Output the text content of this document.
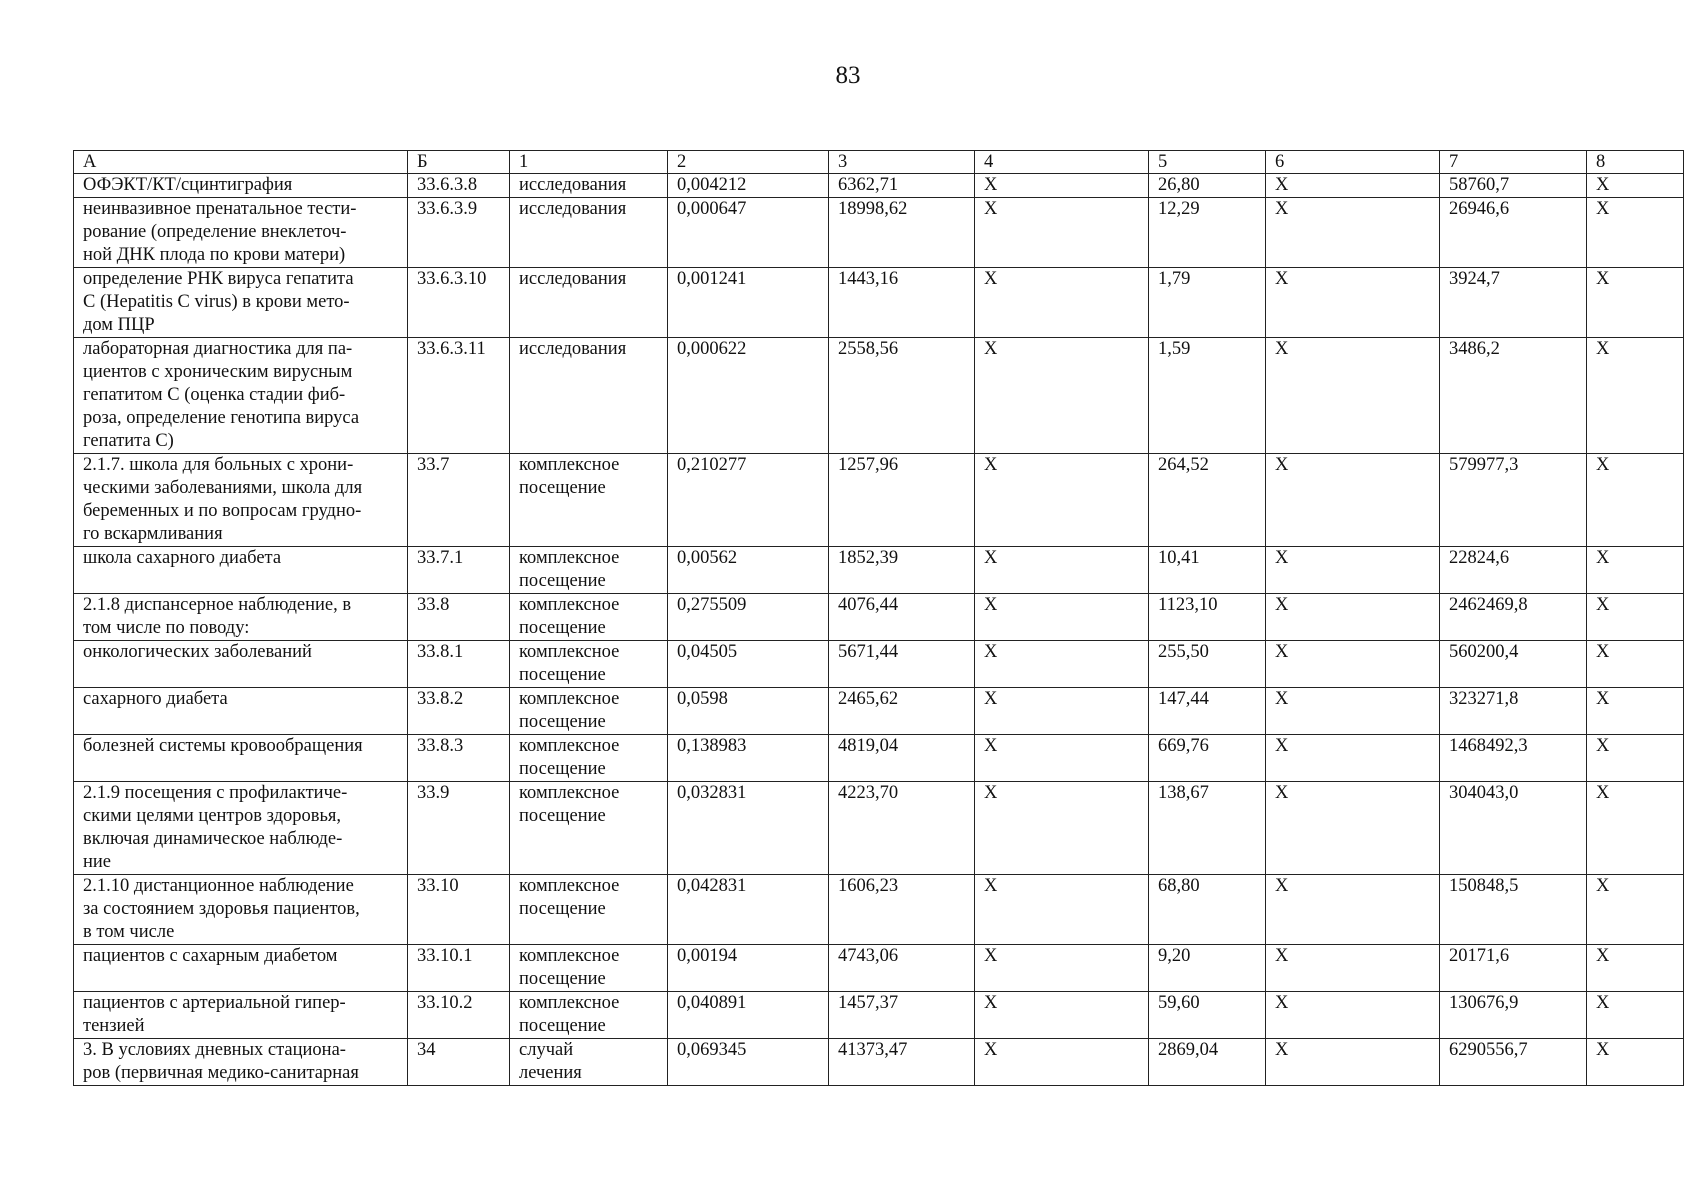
83
А	Б	1	2	3	4	5	6	7	8
ОФЭКТ/КТ/сцинтиграфия	33.6.3.8	исследования	0,004212	6362,71	X	26,80	X	58760,7	X
неинвазивное пренатальное тести-
рование (определение внеклеточ-
ной ДНК плода по крови матери)	33.6.3.9	исследования	0,000647	18998,62	X	12,29	X	26946,6	X
определение РНК вируса гепатита
C (Hepatitis C virus) в крови мето-
дом ПЦР	33.6.3.10	исследования	0,001241	1443,16	X	1,79	X	3924,7	X
лабораторная диагностика для па-
циентов с хроническим вирусным
гепатитом С (оценка стадии фиб-
роза, определение генотипа вируса
гепатита С)	33.6.3.11	исследования	0,000622	2558,56	X	1,59	X	3486,2	X
2.1.7. школа для больных с хрони-
ческими заболеваниями, школа для
беременных и по вопросам грудно-
го вскармливания	33.7	комплексное
посещение	0,210277	1257,96	X	264,52	X	579977,3	X
школа сахарного диабета	33.7.1	комплексное
посещение	0,00562	1852,39	X	10,41	X	22824,6	X
2.1.8 диспансерное наблюдение, в
том числе по поводу:	33.8	комплексное
посещение	0,275509	4076,44	X	1123,10	X	2462469,8	X
онкологических заболеваний	33.8.1	комплексное
посещение	0,04505	5671,44	X	255,50	X	560200,4	X
сахарного диабета	33.8.2	комплексное
посещение	0,0598	2465,62	X	147,44	X	323271,8	X
болезней системы кровообращения	33.8.3	комплексное
посещение	0,138983	4819,04	X	669,76	X	1468492,3	X
2.1.9 посещения с профилактиче-
скими целями центров здоровья,
включая динамическое наблюде-
ние	33.9	комплексное
посещение	0,032831	4223,70	X	138,67	X	304043,0	X
2.1.10 дистанционное наблюдение
за состоянием здоровья пациентов,
в том числе	33.10	комплексное
посещение	0,042831	1606,23	X	68,80	X	150848,5	X
пациентов с сахарным диабетом	33.10.1	комплексное
посещение	0,00194	4743,06	X	9,20	X	20171,6	X
пациентов с артериальной гипер-
тензией	33.10.2	комплексное
посещение	0,040891	1457,37	X	59,60	X	130676,9	X
3. В условиях дневных стациона-
ров (первичная медико-санитарная	34	случай
лечения	0,069345	41373,47	X	2869,04	X	6290556,7	X
